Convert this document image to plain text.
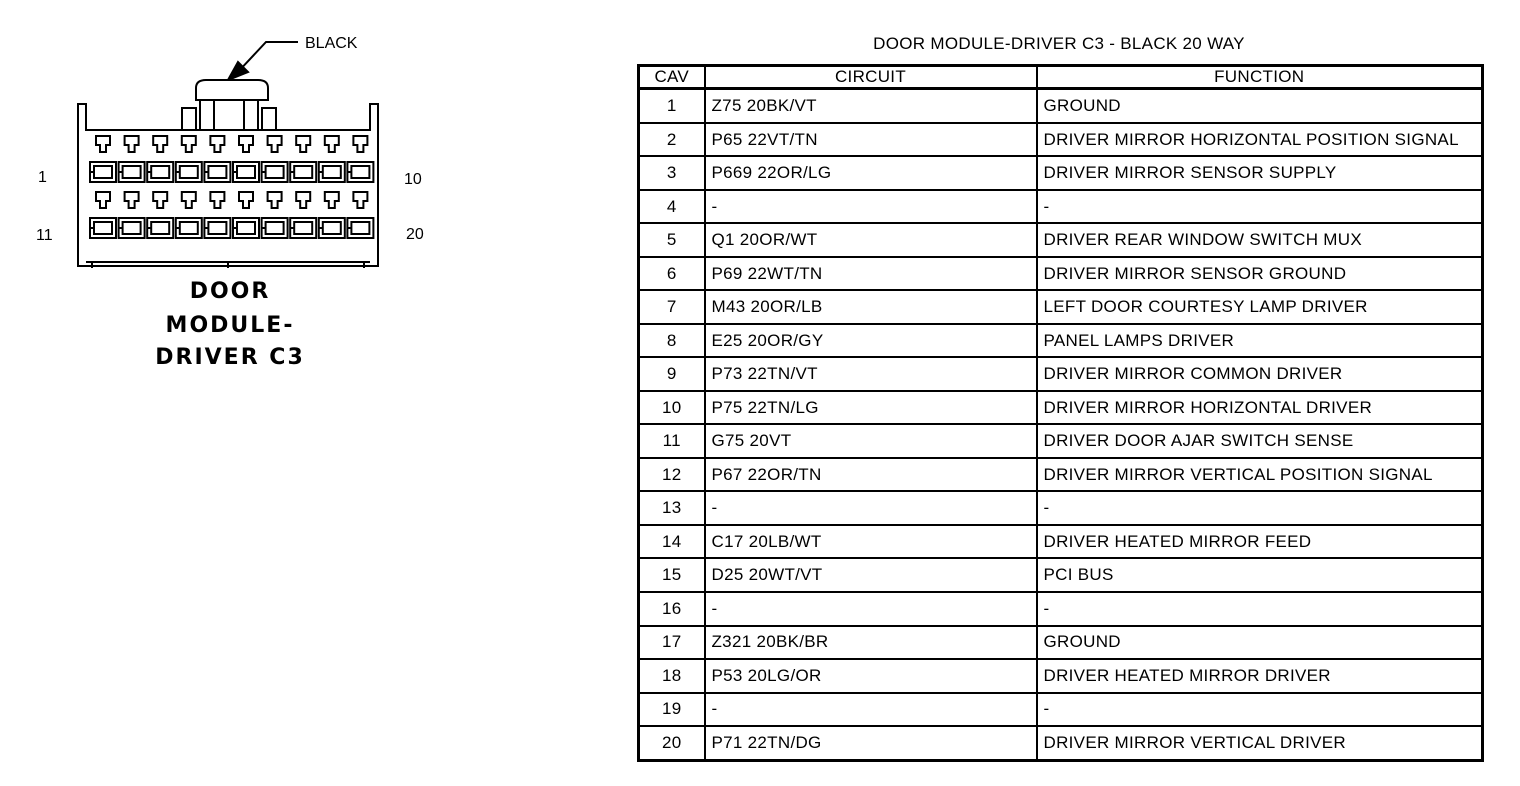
BLACK
1	10
11	20
DOOR
MODULE-
DRIVER C3
DOOR MODULE-DRIVER C3 - BLACK 20 WAY
CAV	CIRCUIT	FUNCTION
1	Z75 20BK/VT	GROUND
2	P65 22VT/TN	DRIVER MIRROR HORIZONTAL POSITION SIGNAL
3	P669 22OR/LG	DRIVER MIRROR SENSOR SUPPLY
4	-	-
5	Q1 20OR/WT	DRIVER REAR WINDOW SWITCH MUX
6	P69 22WT/TN	DRIVER MIRROR SENSOR GROUND
7	M43 20OR/LB	LEFT DOOR COURTESY LAMP DRIVER
8	E25 20OR/GY	PANEL LAMPS DRIVER
9	P73 22TN/VT	DRIVER MIRROR COMMON DRIVER
10	P75 22TN/LG	DRIVER MIRROR HORIZONTAL DRIVER
11	G75 20VT	DRIVER DOOR AJAR SWITCH SENSE
12	P67 22OR/TN	DRIVER MIRROR VERTICAL POSITION SIGNAL
13	-	-
14	C17 20LB/WT	DRIVER HEATED MIRROR FEED
15	D25 20WT/VT	PCI BUS
16	-	-
17	Z321 20BK/BR	GROUND
18	P53 20LG/OR	DRIVER HEATED MIRROR DRIVER
19	-	-
20	P71 22TN/DG	DRIVER MIRROR VERTICAL DRIVER
